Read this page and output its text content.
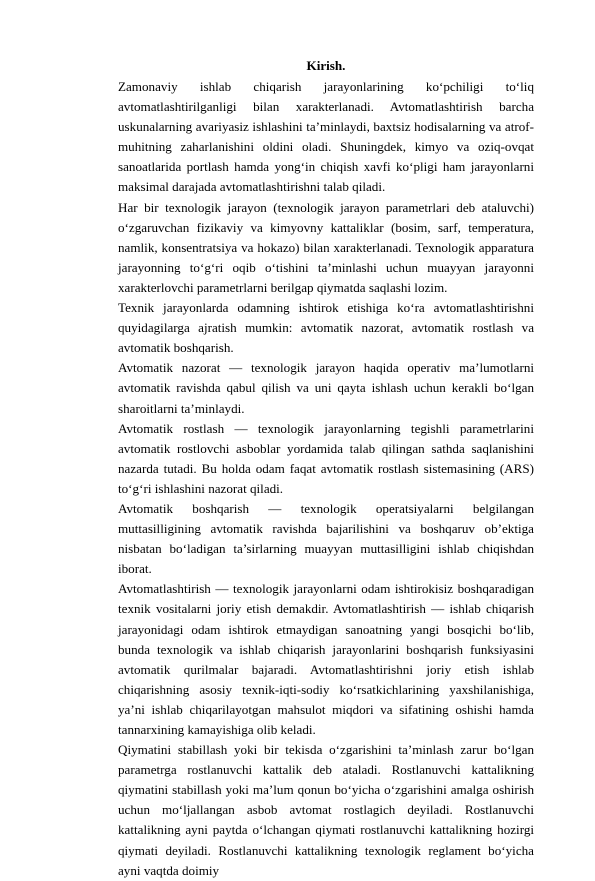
Kirish.

Zamonaviy ishlab chiqarish jarayonlarining ko‘pchiligi to‘liq avtomatlashtirilganligi bilan xarakterlanadi. Avtomatlashtirish barcha uskunalarning avariyasiz ishlashini ta’minlaydi, baxtsiz hodisalarning va atrof-muhitning zaharlanishini oldini oladi. Shuningdek, kimyo va oziq-ovqat sanoatlarida portlash hamda yong‘in chiqish xavfi ko‘pligi ham jarayonlarni maksimal darajada avtomatlashtirishni talab qiladi.

Har bir texnologik jarayon (texnologik jarayon parametrlari deb ataluvchi) o‘zgaruvchan fizikaviy va kimyovny kattaliklar (bosim, sarf, temperatura, namlik, konsentratsiya va hokazo) bilan xarakterlanadi. Texnologik apparatura jarayonning to‘g‘ri oqib o‘tishini ta’minlashi uchun muayyan jarayonni xarakterlovchi parametrlarni berilgap qiymatda saqlashi lozim.

Texnik jarayonlarda odamning ishtirok etishiga ko‘ra avtomatlashtirishni quyidagilarga ajratish mumkin: avtomatik nazorat, avtomatik rostlash va avtomatik boshqarish.

Avtomatik nazorat — texnologik jarayon haqida operativ ma’lumotlarni avtomatik ravishda qabul qilish va uni qayta ishlash uchun kerakli bo‘lgan sharoitlarni ta’minlaydi.

Avtomatik rostlash — texnologik jarayonlarning tegishli parametrlarini avtomatik rostlovchi asboblar yordamida talab qilingan sathda saqlanishini nazarda tutadi. Bu holda odam faqat avtomatik rostlash sistemasining (ARS) to‘g‘ri ishlashini nazorat qiladi.

Avtomatik boshqarish — texnologik operatsiyalarni belgilangan muttasilligining avtomatik ravishda bajarilishini va boshqaruv ob’ektiga nisbatan bo‘ladigan ta’sirlarning muayyan muttasilligini ishlab chiqishdan iborat.

Avtomatlashtirish — texnologik jarayonlarni odam ishtirokisiz boshqaradigan texnik vositalarni joriy etish demakdir. Avtomatlashtirish — ishlab chiqarish jarayonidagi odam ishtirok etmaydigan sanoatning yangi bosqichi bo‘lib, bunda texnologik va ishlab chiqarish jarayonlarini boshqarish funksiyasini avtomatik qurilmalar bajaradi. Avtomatlashtirishni joriy etish ishlab chiqarishning asosiy texnik-iqti-sodiy ko‘rsatkichlarining yaxshilanishiga, ya’ni ishlab chiqarilayotgan mahsulot miqdori va sifatining oshishi hamda tannarxining kamayishiga olib keladi.

Qiymatini stabillash yoki bir tekisda o‘zgarishini ta’minlash zarur bo‘lgan parametrga rostlanuvchi kattalik deb ataladi. Rostlanuvchi kattalikning qiymatini stabillash yoki ma’lum qonun bo‘yicha o‘zgarishini amalga oshirish uchun mo‘ljallangan asbob avtomat rostlagich deyiladi. Rostlanuvchi kattalikning ayni paytda o‘lchangan qiymati rostlanuvchi kattalikning hozirgi qiymati deyiladi. Rostlanuvchi kattalikning texnologik reglament bo‘yicha ayni vaqtda doimiy
